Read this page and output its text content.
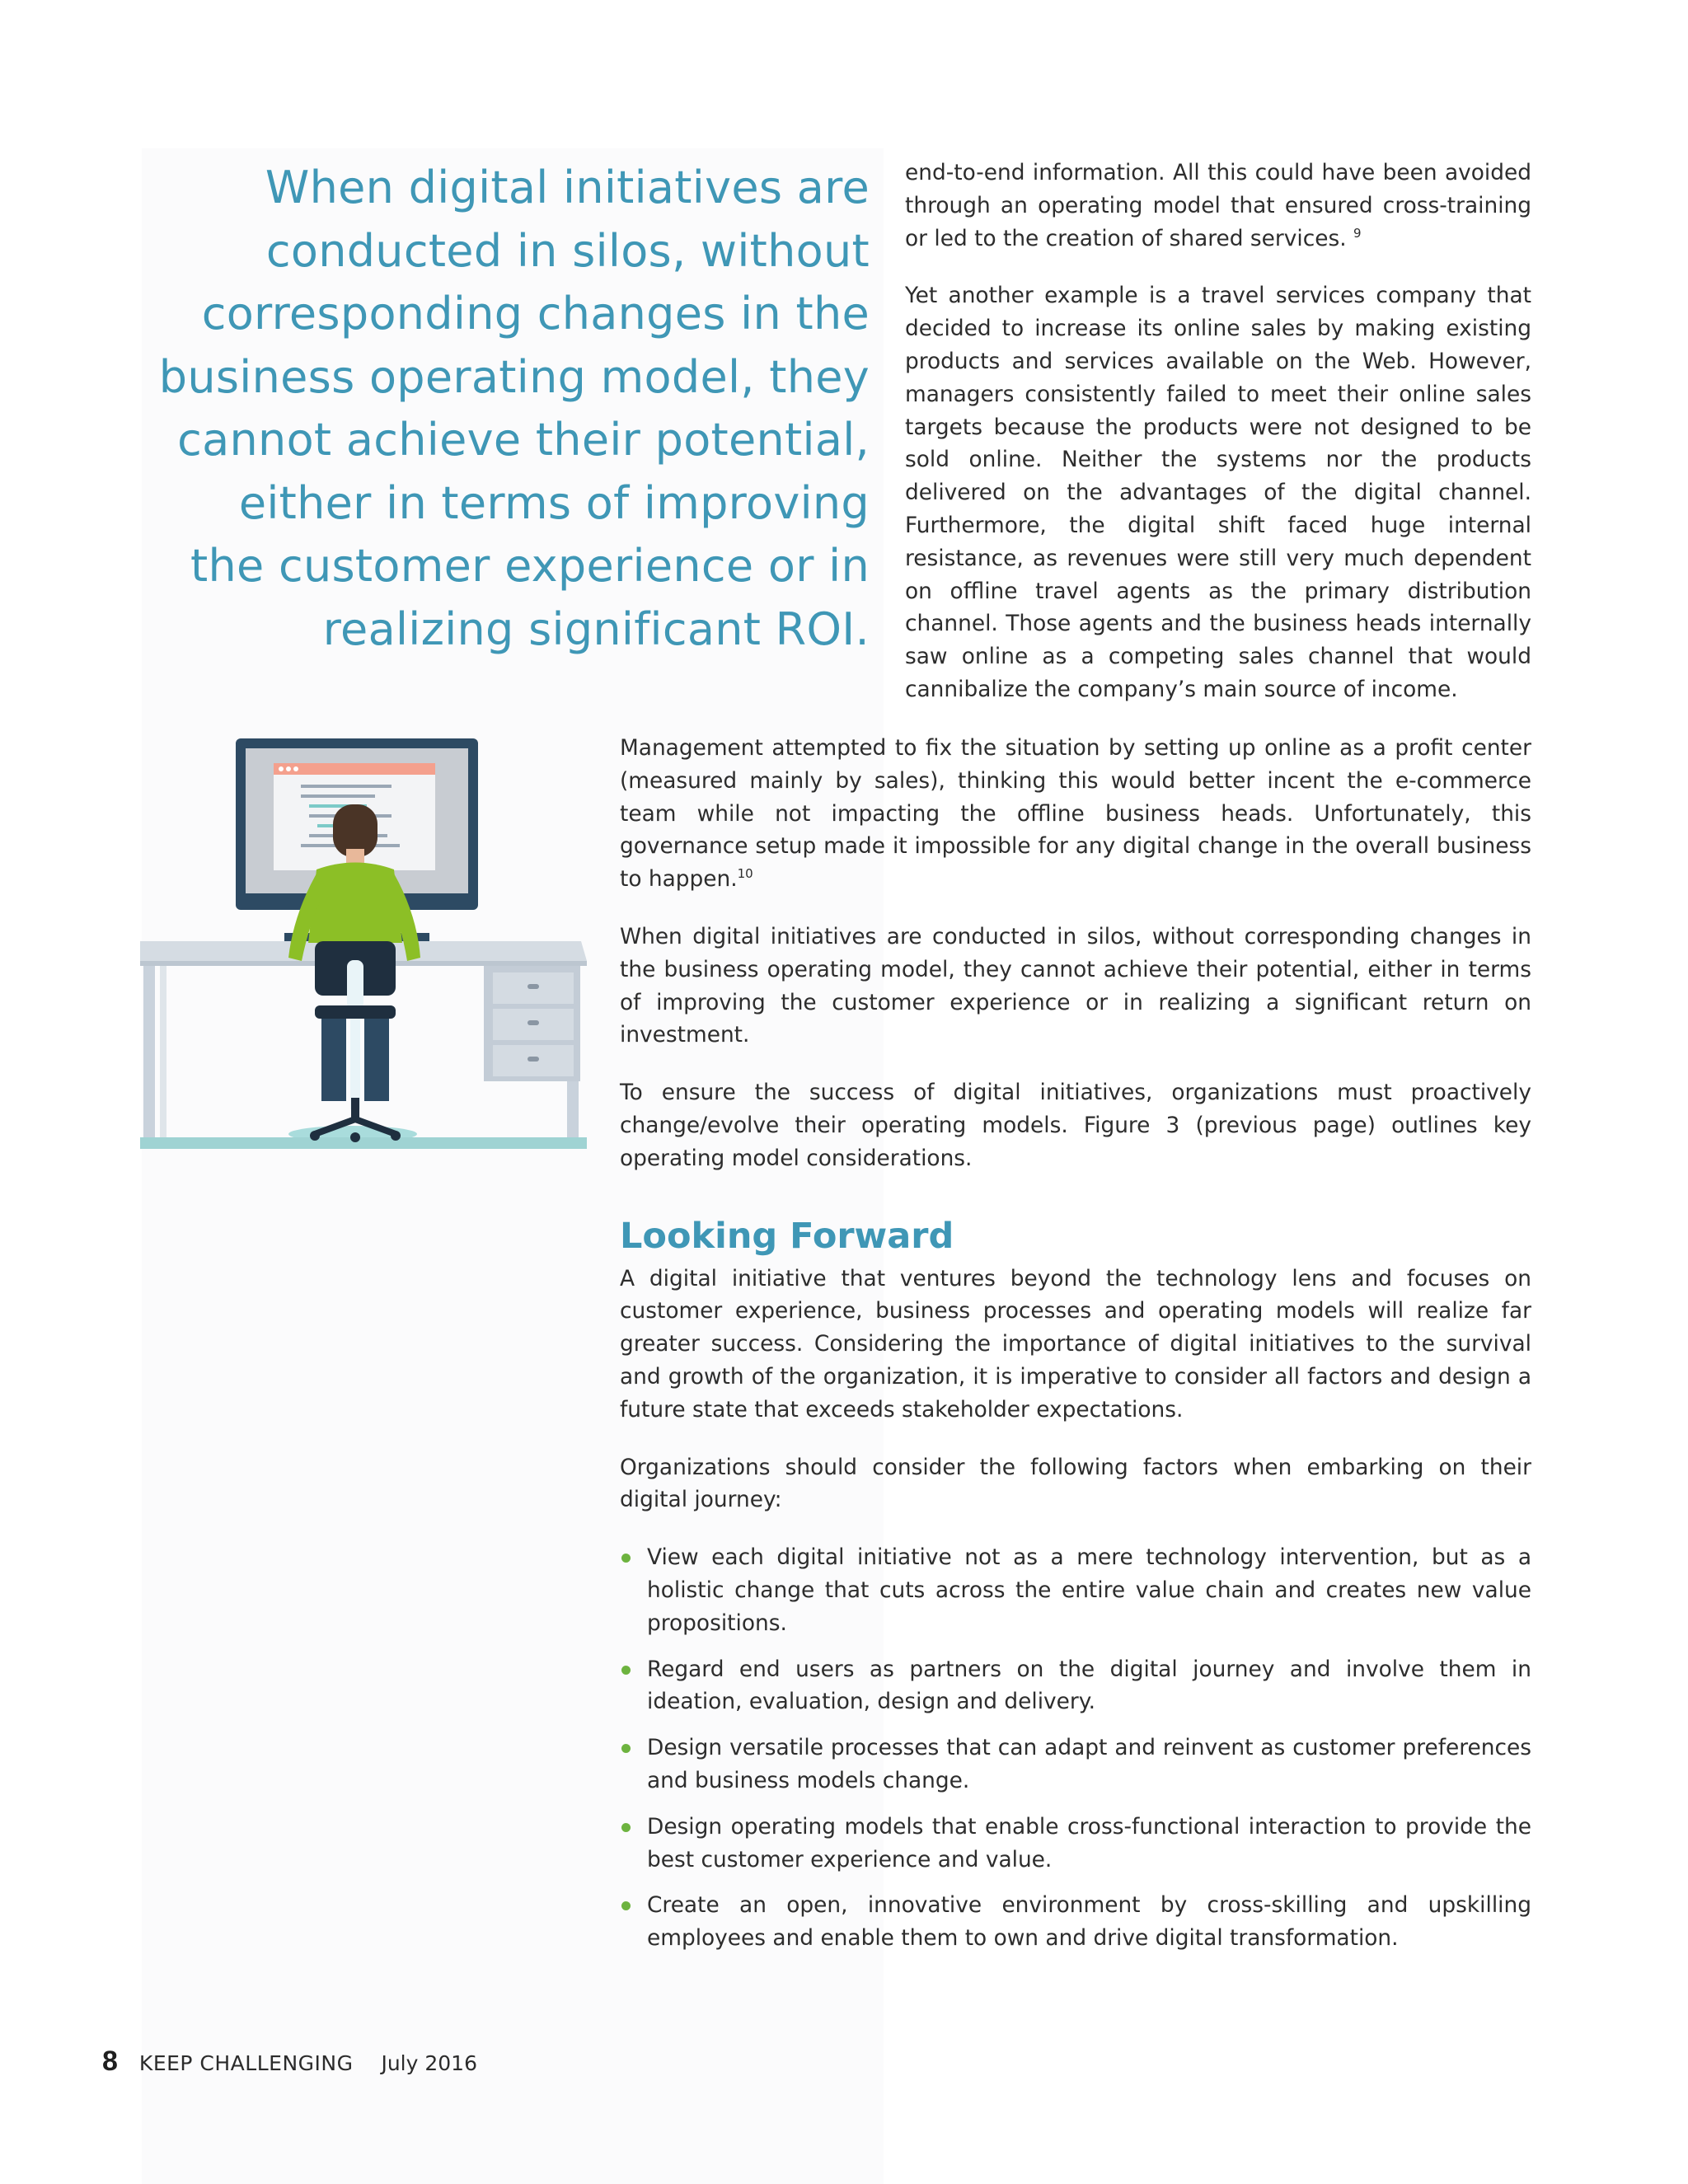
When digital initiatives are
conducted in silos, without
corresponding changes in the
business operating model, they
cannot achieve their potential,
either in terms of improving
the customer experience or in
realizing significant ROI.

end-to-end information. All this could have been avoided through an operating model that ensured cross-training or led to the creation of shared services. $^9$

Yet another example is a travel services company that decided to increase its online sales by making existing products and services available on the Web. However, managers consistently failed to meet their online sales targets because the products were not designed to be sold online. Neither the systems nor the products delivered on the advantages of the digital channel. Furthermore, the digital shift faced huge internal resistance, as revenues were still very much dependent on offline travel agents as the primary distribution channel. Those agents and the business heads internally saw online as a competing sales channel that would cannibalize the company’s main source of income.

Management attempted to fix the situation by setting up online as a profit center (measured mainly by sales), thinking this would better incent the e-commerce team while not impacting the offline business heads. Unfortunately, this governance setup made it impossible for any digital change in the overall business to happen.$^{10}$

When digital initiatives are conducted in silos, without corresponding changes in the business operating model, they cannot achieve their potential, either in terms of improving the customer experience or in realizing a significant return on investment.

To ensure the success of digital initiatives, organizations must proactively change/evolve their operating models. Figure 3 (previous page) outlines key operating model considerations.

Looking Forward

A digital initiative that ventures beyond the technology lens and focuses on customer experience, business processes and operating models will realize far greater success. Considering the importance of digital initiatives to the survival and growth of the organization, it is imperative to consider all factors and design a future state that exceeds stakeholder expectations.

Organizations should consider the following factors when embarking on their digital journey:

View each digital initiative not as a mere technology intervention, but as a holistic change that cuts across the entire value chain and creates new value propositions.
Regard end users as partners on the digital journey and involve them in ideation, evaluation, design and delivery.
Design versatile processes that can adapt and reinvent as customer preferences and business models change.
Design operating models that enable cross-functional interaction to provide the best customer experience and value.
Create an open, innovative environment by cross-skilling and upskilling employees and enable them to own and drive digital transformation.
8 KEEP CHALLENGING July 2016
